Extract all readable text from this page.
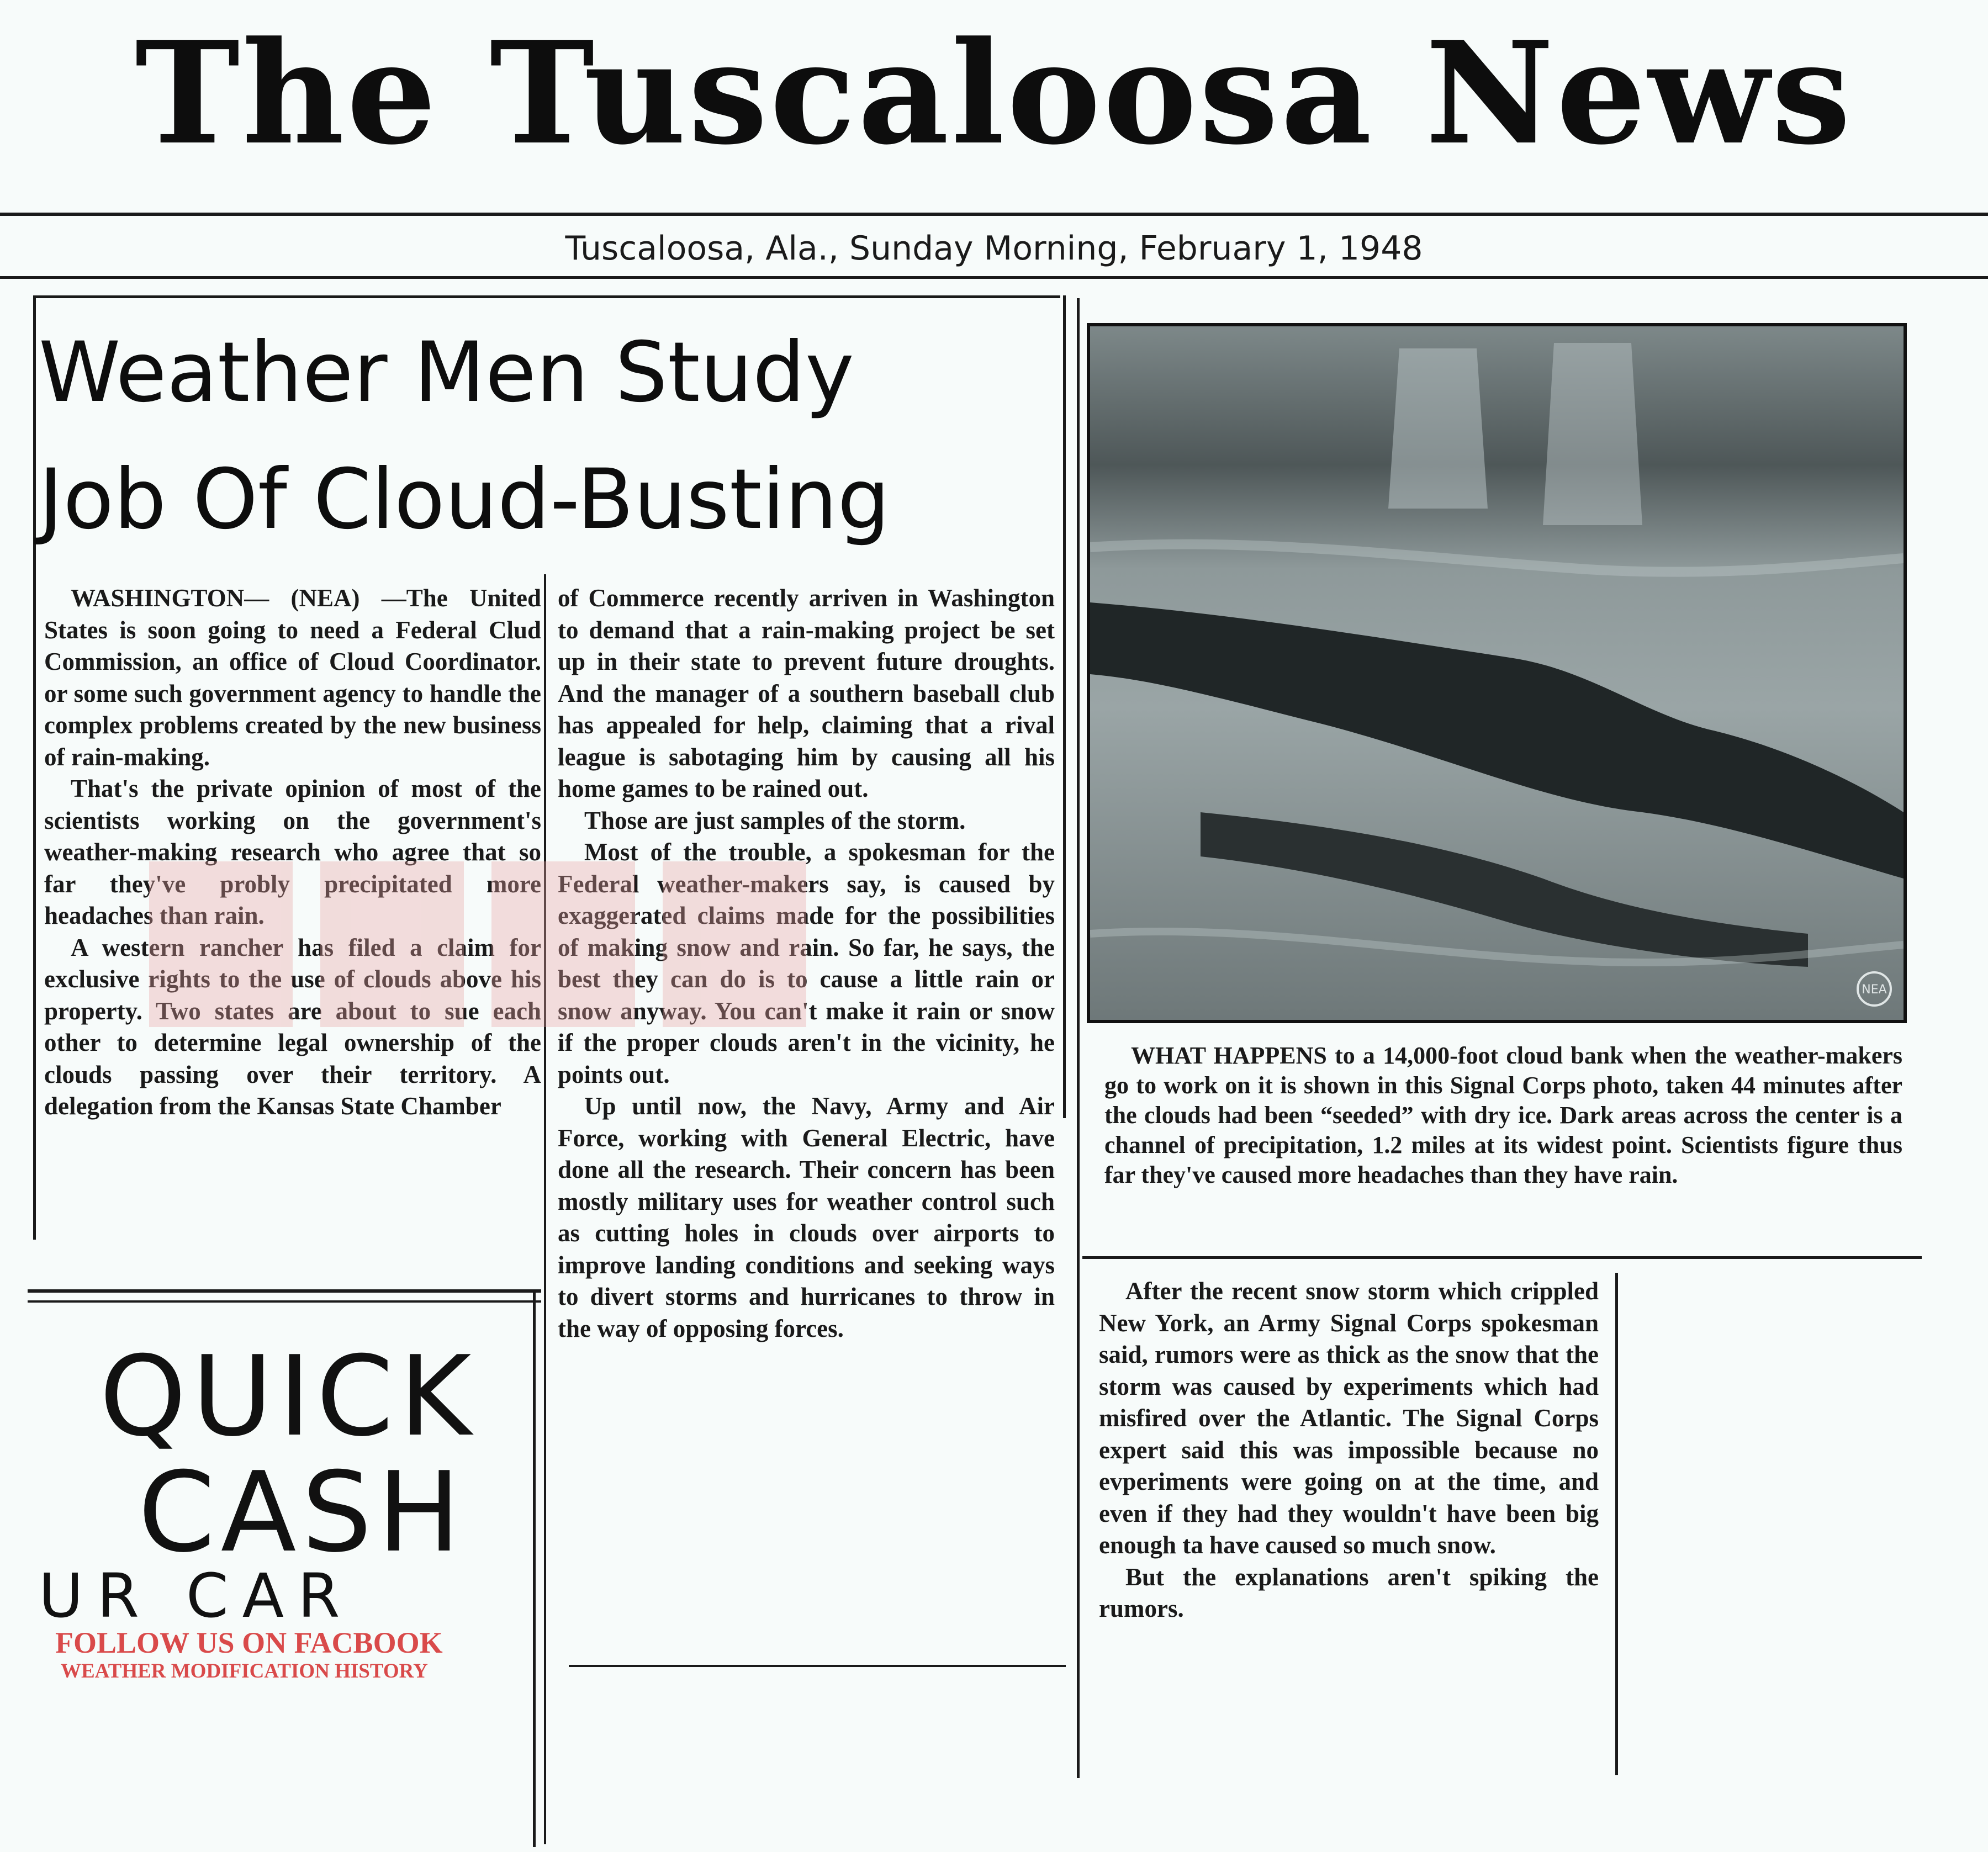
The Tuscaloosa News
Tuscaloosa, Ala., Sunday Morning, February 1, 1948
Weather Men Study
Job Of Cloud-Busting

WASHINGTON— (NEA) —The United States is soon going to need a Federal Clud Commission, an office of Cloud Coordinator. or some such government agency to handle the complex problems created by the new business of rain-making.

That's the private opinion of most of the scientists working on the government's weather-making research who agree that so far they've probly precipitated more headaches than rain.

A western rancher has filed a claim for exclusive rights to the use of clouds above his property. Two states are about to sue each other to determine legal ownership of the clouds passing over their territory. A delegation from the Kansas State Chamber

of Commerce recently arriven in Washington to demand that a rain-making project be set up in their state to prevent future droughts. And the manager of a southern baseball club has appealed for help, claiming that a rival league is sabotaging him by causing all his home games to be rained out.

Those are just samples of the storm.

Most of the trouble, a spokesman for the Federal weather-makers say, is caused by exaggerated claims made for the possibilities of making snow and rain. So far, he says, the best they can do is to cause a little rain or snow anyway. You can't make it rain or snow if the proper clouds aren't in the vicinity, he points out.

Up until now, the Navy, Army and Air Force, working with General Electric, have done all the research. Their concern has been mostly military uses for weather control such as cutting holes in clouds over airports to improve landing conditions and seeking ways to divert storms and hurricanes to throw in the way of opposing forces.

NEA

WHAT HAPPENS to a 14,000-foot cloud bank when the weather-makers go to work on it is shown in this Signal Corps photo, taken 44 minutes after the clouds had been “seeded” with dry ice. Dark areas across the center is a channel of precipitation, 1.2 miles at its widest point. Scientists figure thus far they've caused more headaches than they have rain.

After the recent snow storm which crippled New York, an Army Signal Corps spokesman said, rumors were as thick as the snow that the storm was caused by experiments which had misfired over the Atlantic. The Signal Corps expert said this was impossible because no evperiments were going on at the time, and even if they had they wouldn't have been big enough ta have caused so much snow.

But the explanations aren't spiking the rumors.

QUICK
CASH
UR CAR
FOLLOW US ON FACBOOK
WEATHER MODIFICATION HISTORY
